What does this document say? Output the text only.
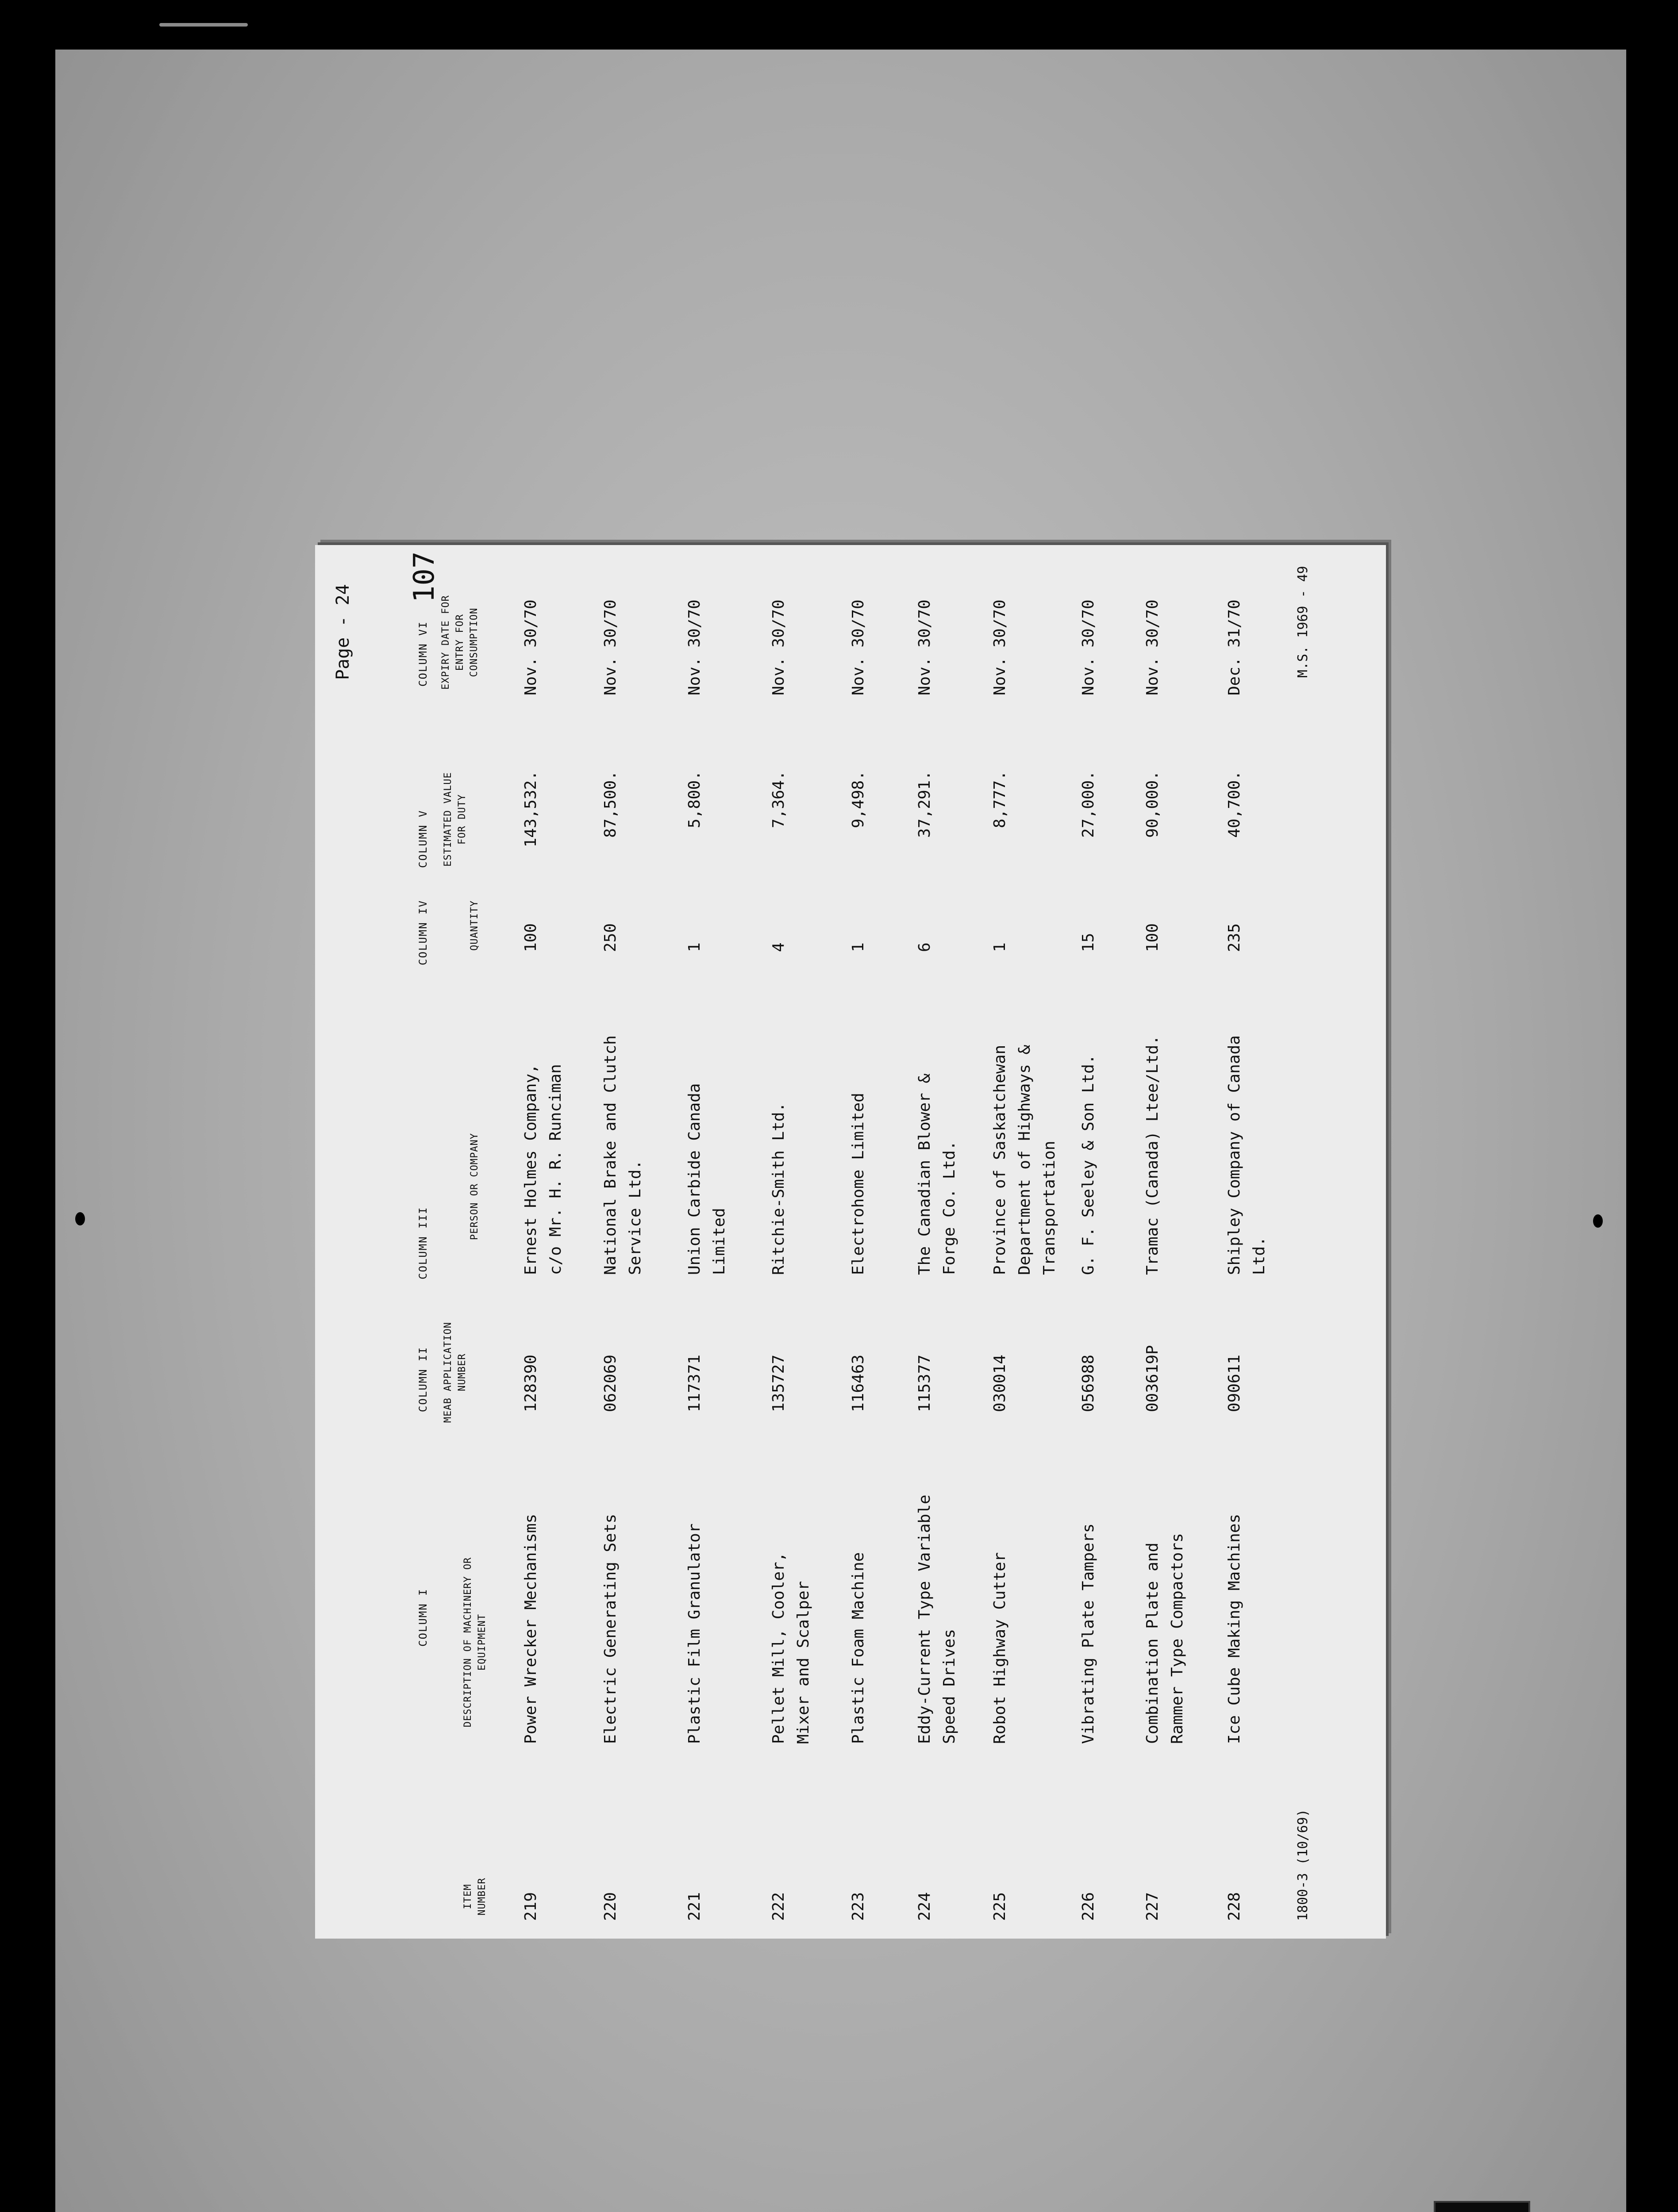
Page - 24
107	M.S. 1969 - 49
1800-3 (10/69)
COLUMN I
COLUMN II
COLUMN III
COLUMN IV
COLUMN V
COLUMN VI
ITEM NUMBER
DESCRIPTION OF MACHINERY OR EQUIPMENT
MEAB APPLICATION NUMBER
PERSON OR COMPANY
QUANTITY
ESTIMATED VALUE FOR DUTY
EXPIRY DATE FOR ENTRY FOR CONSUMPTION
219
Power Wrecker Mechanisms
128390
Ernest Holmes Company, c/o Mr. H. R. Runciman
100
143,532.
Nov. 30/70
220
Electric Generating Sets
062069
National Brake and Clutch Service Ltd.
250
87,500.
Nov. 30/70
221
Plastic Film Granulator
117371
Union Carbide Canada Limited
1
5,800.
Nov. 30/70
222
Pellet Mill, Cooler, Mixer and Scalper
135727
Ritchie-Smith Ltd.
4
7,364.
Nov. 30/70
223
Plastic Foam Machine
116463
Electrohome Limited
1
9,498.
Nov. 30/70
224
Eddy-Current Type Variable Speed Drives
115377
The Canadian Blower & Forge Co. Ltd.
6
37,291.
Nov. 30/70
225
Robot Highway Cutter
030014
Province of Saskatchewan Department of Highways & Transportation
1
8,777.
Nov. 30/70
226
Vibrating Plate Tampers
056988
G. F. Seeley & Son Ltd.
15
27,000.
Nov. 30/70
227
Combination Plate and Rammer Type Compactors
003619P
Tramac (Canada) Ltee/Ltd.
100
90,000.
Nov. 30/70
228
Ice Cube Making Machines
090611
Shipley Company of Canada Ltd.
235
40,700.
Dec. 31/70
